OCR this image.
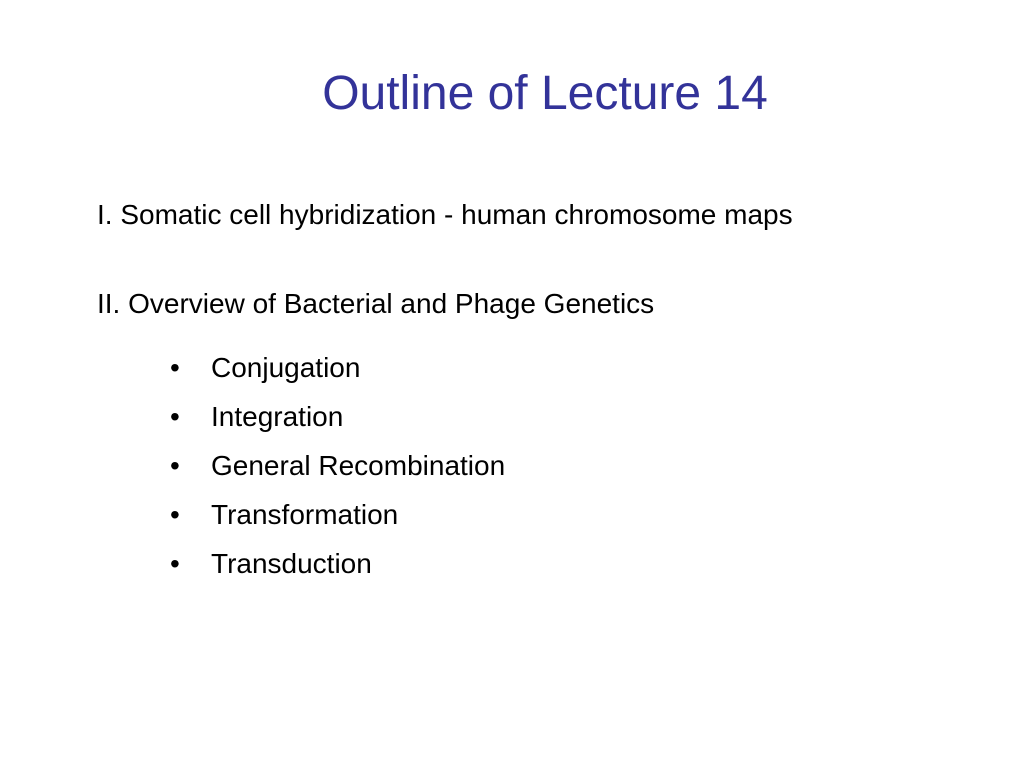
Outline of Lecture 14
I. Somatic cell hybridization - human chromosome maps
II. Overview of Bacterial and Phage Genetics
•	Conjugation
•	Integration
•	General Recombination
•	Transformation
•	Transduction
